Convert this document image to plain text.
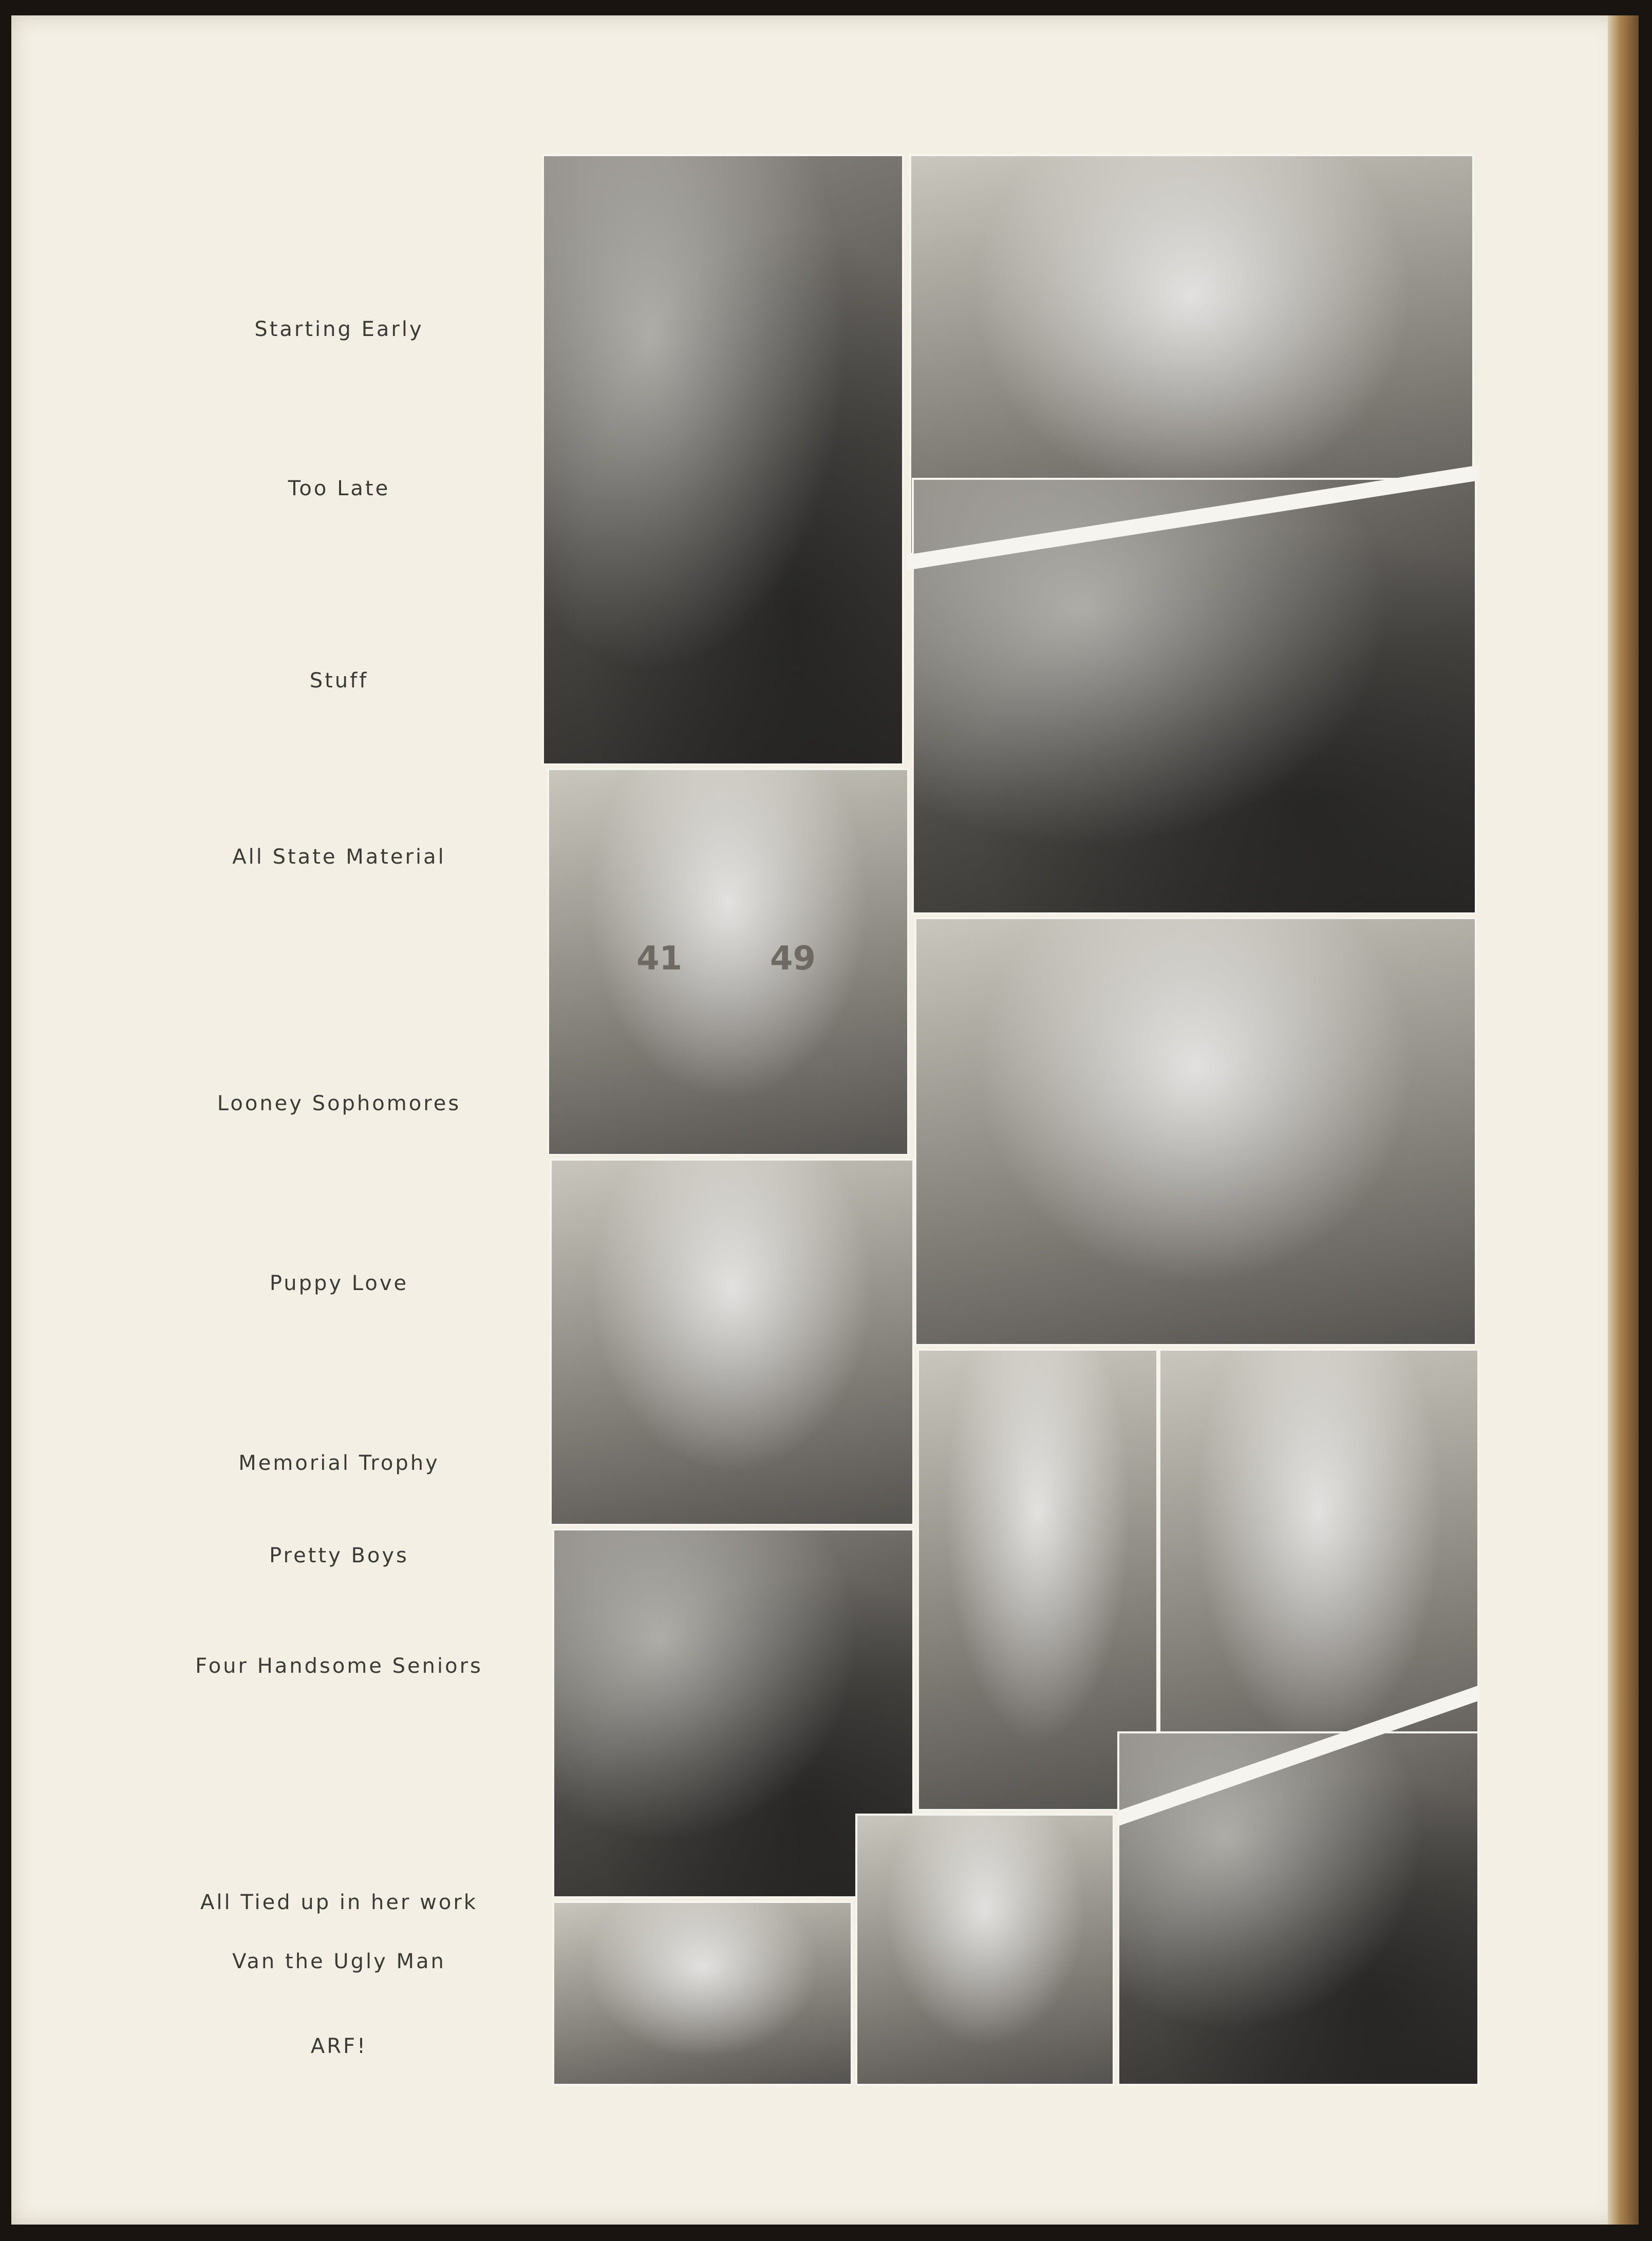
Starting Early
Too Late
Stuff
All State Material
Looney Sophomores
Puppy Love
Memorial Trophy
Pretty Boys
Four Handsome Seniors
All Tied up in her work
Van the Ugly Man
ARF!
41	49
